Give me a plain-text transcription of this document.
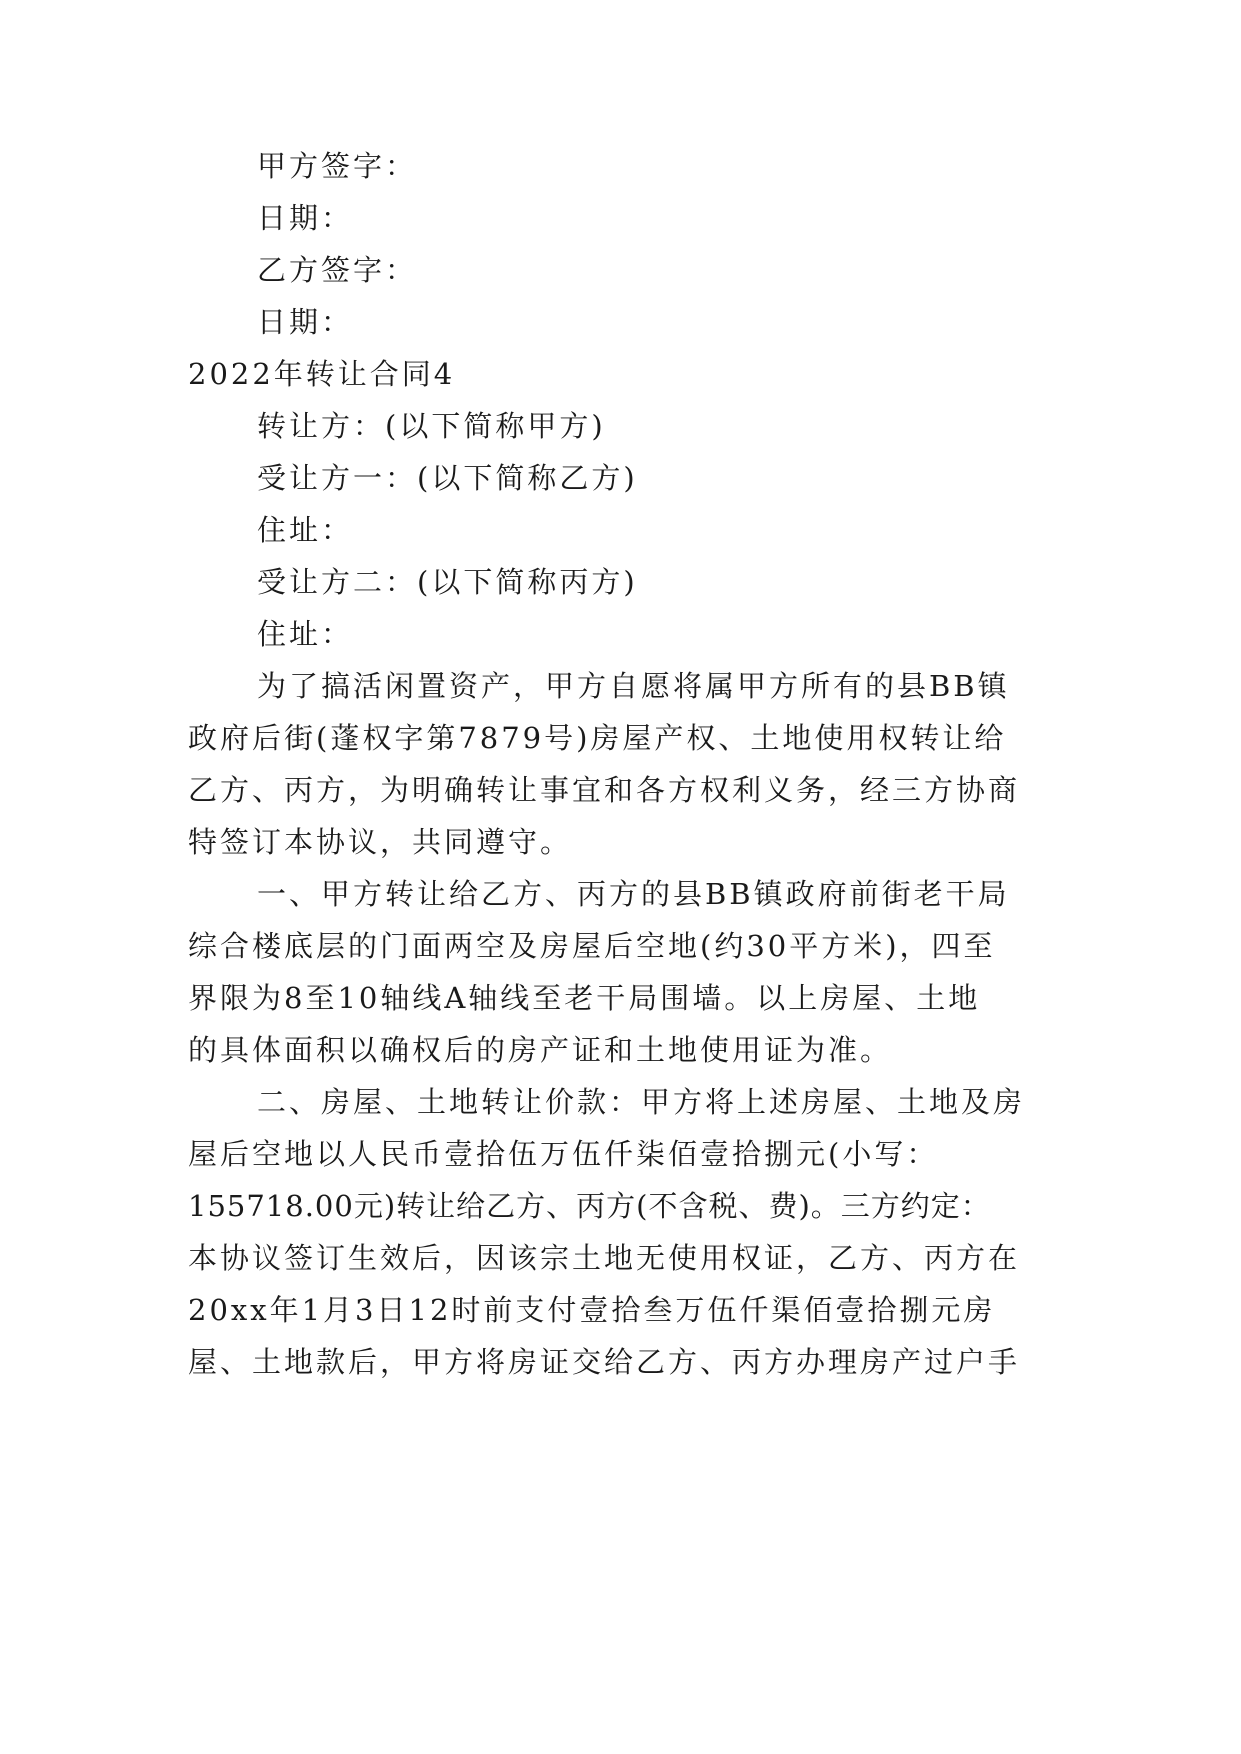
甲方签字：
日期：
乙方签字：
日期：
2022年转让合同4
转让方：(以下简称甲方)
受让方一：(以下简称乙方)
住址：
受让方二：(以下简称丙方)
住址：
为了搞活闲置资产，甲方自愿将属甲方所有的县BB镇
政府后街(蓬权字第7879号)房屋产权、土地使用权转让给
乙方、丙方，为明确转让事宜和各方权利义务，经三方协商
特签订本协议，共同遵守。
一、甲方转让给乙方、丙方的县BB镇政府前街老干局
综合楼底层的门面两空及房屋后空地(约30平方米)，四至
界限为8至10轴线A轴线至老干局围墙。以上房屋、土地
的具体面积以确权后的房产证和土地使用证为准。
二、房屋、土地转让价款：甲方将上述房屋、土地及房
屋后空地以人民币壹拾伍万伍仟柒佰壹拾捌元(小写：
155718.00元)转让给乙方、丙方(不含税、费)。三方约定：
本协议签订生效后，因该宗土地无使用权证，乙方、丙方在
20xx年1月3日12时前支付壹拾叁万伍仟渠佰壹拾捌元房
屋、土地款后，甲方将房证交给乙方、丙方办理房产过户手
